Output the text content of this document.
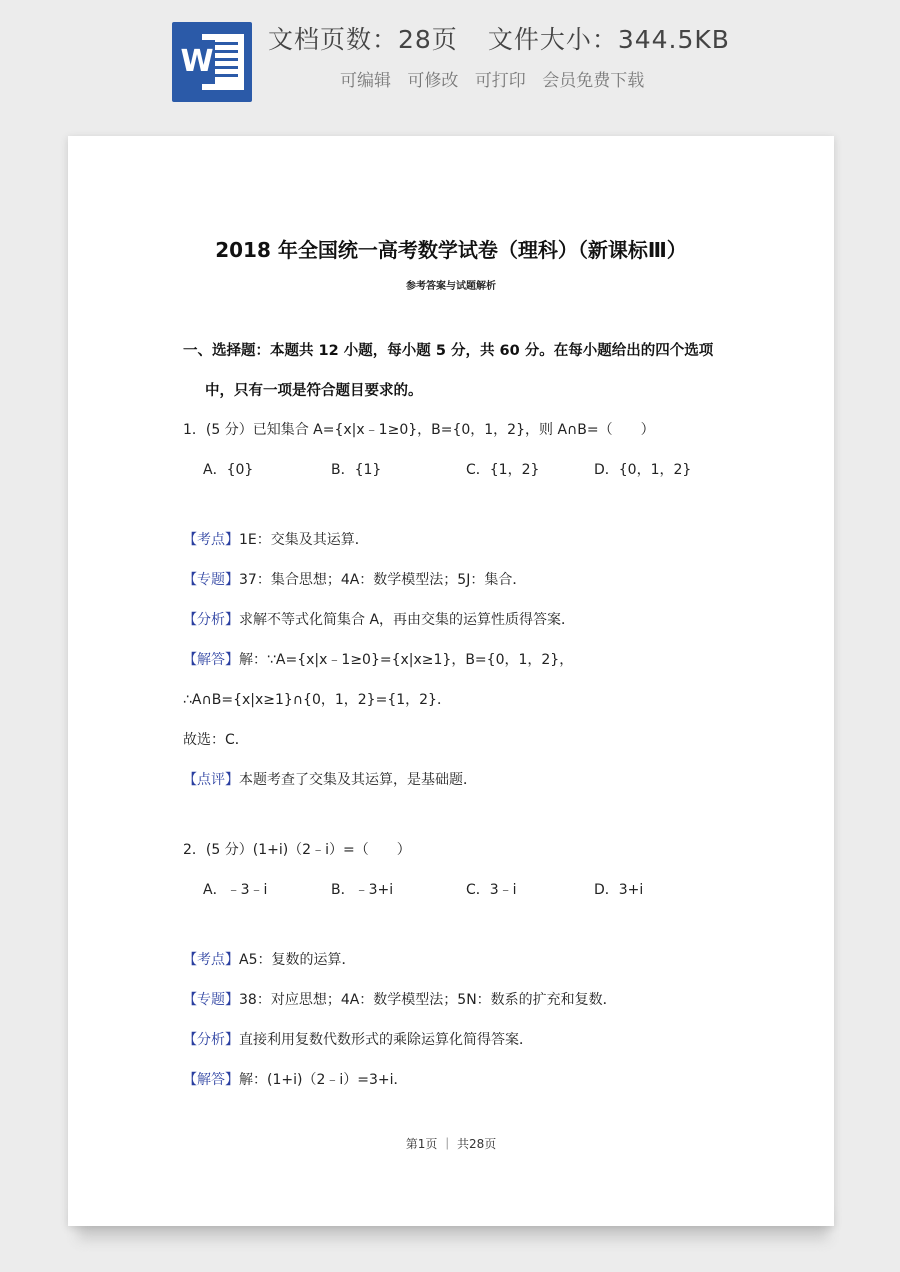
W
文档页数：28页 文件大小：344.5KB
可编辑 可修改 可打印 会员免费下载
2018 年全国统一高考数学试卷（理科）（新课标Ⅲ）
参考答案与试题解析
一、选择题：本题共 12 小题，每小题 5 分，共 60 分。在每小题给出的四个选项
中，只有一项是符合题目要求的。
1．(5 分）已知集合 A={x|x﹣1≥0}，B={0，1，2}，则 A∩B=（　　）
A．{0}	B．{1}	C．{1，2}	D．{0，1，2}
【考点】1E：交集及其运算．
【专题】37：集合思想；4A：数学模型法；5J：集合．
【分析】求解不等式化简集合 A，再由交集的运算性质得答案．
【解答】解：∵A={x|x﹣1≥0}={x|x≥1}，B={0，1，2}，
∴A∩B={x|x≥1}∩{0，1，2}={1，2}．
故选：C．
【点评】本题考查了交集及其运算，是基础题．
2．(5 分）(1+i)（2﹣i）=（　　）
A．﹣3﹣i	B．﹣3+i	C．3﹣i	D．3+i
【考点】A5：复数的运算．
【专题】38：对应思想；4A：数学模型法；5N：数系的扩充和复数．
【分析】直接利用复数代数形式的乘除运算化简得答案．
【解答】解：(1+i)（2﹣i）=3+i．
第1页 ｜ 共28页
